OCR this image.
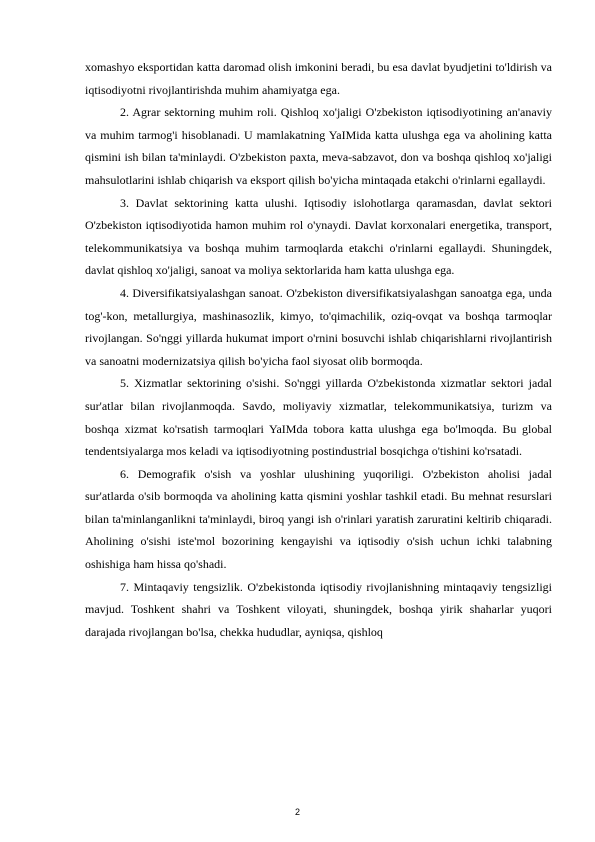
xomashyo eksportidan katta daromad olish imkonini beradi, bu esa davlat byudjetini to'ldirish va iqtisodiyotni rivojlantirishda muhim ahamiyatga ega.

2. Agrar sektorning muhim roli. Qishloq xo'jaligi O'zbekiston iqtisodiyotining an'anaviy va muhim tarmog'i hisoblanadi. U mamlakatning YaIMida katta ulushga ega va aholining katta qismini ish bilan ta'minlaydi. O'zbekiston paxta, meva-sabzavot, don va boshqa qishloq xo'jaligi mahsulotlarini ishlab chiqarish va eksport qilish bo'yicha mintaqada etakchi o'rinlarni egallaydi.

3. Davlat sektorining katta ulushi. Iqtisodiy islohotlarga qaramasdan, davlat sektori O'zbekiston iqtisodiyotida hamon muhim rol o'ynaydi. Davlat korxonalari energetika, transport, telekommunikatsiya va boshqa muhim tarmoqlarda etakchi o'rinlarni egallaydi. Shuningdek, davlat qishloq xo'jaligi, sanoat va moliya sektorlarida ham katta ulushga ega.

4. Diversifikatsiyalashgan sanoat. O'zbekiston diversifikatsiyalashgan sanoatga ega, unda tog'-kon, metallurgiya, mashinasozlik, kimyo, to'qimachilik, oziq-ovqat va boshqa tarmoqlar rivojlangan. So'nggi yillarda hukumat import o'rnini bosuvchi ishlab chiqarishlarni rivojlantirish va sanoatni modernizatsiya qilish bo'yicha faol siyosat olib bormoqda.

5. Xizmatlar sektorining o'sishi. So'nggi yillarda O'zbekistonda xizmatlar sektori jadal sur'atlar bilan rivojlanmoqda. Savdo, moliyaviy xizmatlar, telekommunikatsiya, turizm va boshqa xizmat ko'rsatish tarmoqlari YaIMda tobora katta ulushga ega bo'lmoqda. Bu global tendentsiyalarga mos keladi va iqtisodiyotning postindustrial bosqichga o'tishini ko'rsatadi.

6. Demografik o'sish va yoshlar ulushining yuqoriligi. O'zbekiston aholisi jadal sur'atlarda o'sib bormoqda va aholining katta qismini yoshlar tashkil etadi. Bu mehnat resurslari bilan ta'minlanganlikni ta'minlaydi, biroq yangi ish o'rinlari yaratish zaruratini keltirib chiqaradi. Aholining o'sishi iste'mol bozorining kengayishi va iqtisodiy o'sish uchun ichki talabning oshishiga ham hissa qo'shadi.

7. Mintaqaviy tengsizlik. O'zbekistonda iqtisodiy rivojlanishning mintaqaviy tengsizligi mavjud. Toshkent shahri va Toshkent viloyati, shuningdek, boshqa yirik shaharlar yuqori darajada rivojlangan bo'lsa, chekka hududlar, ayniqsa, qishloq

2
